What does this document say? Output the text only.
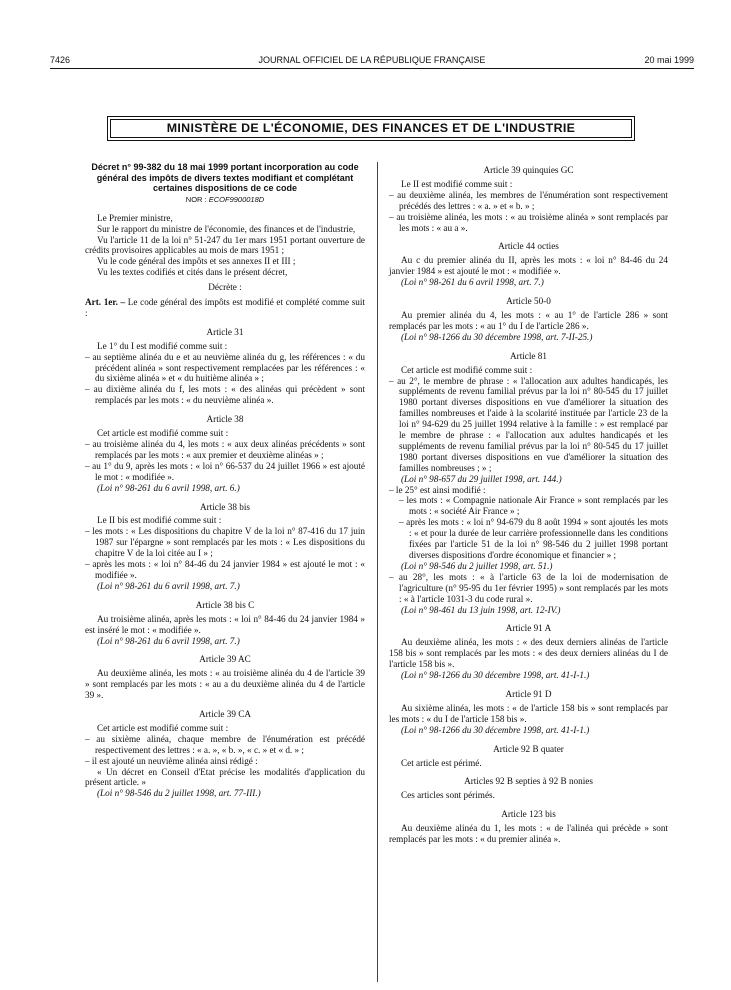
7426	JOURNAL OFFICIEL DE LA RÉPUBLIQUE FRANÇAISE	20 mai 1999
MINISTÈRE DE L'ÉCONOMIE, DES FINANCES ET DE L'INDUSTRIE
Décret n° 99-382 du 18 mai 1999 portant incorporation au code général des impôts de divers textes modifiant et complétant certaines dispositions de ce code
NOR : ECOF9900018D

Le Premier ministre,

Sur le rapport du ministre de l'économie, des finances et de l'industrie,

Vu l'article 11 de la loi n° 51-247 du 1er mars 1951 portant ouverture de crédits provisoires applicables au mois de mars 1951 ;

Vu le code général des impôts et ses annexes II et III ;

Vu les textes codifiés et cités dans le présent décret,

Décrète :

Art. 1er. – Le code général des impôts est modifié et complété comme suit :

Article 31

Le 1° du I est modifié comme suit :

– au septième alinéa du e et au neuvième alinéa du g, les références : « du précédent alinéa » sont respectivement remplacées par les références : « du sixième alinéa » et « du huitième alinéa » ;

– au dixième alinéa du f, les mots : « des alinéas qui précèdent » sont remplacés par les mots : « du neuvième alinéa ».

Article 38

Cet article est modifié comme suit :

– au troisième alinéa du 4, les mots : « aux deux alinéas précédents » sont remplacés par les mots : « aux premier et deuxième alinéas » ;

– au 1° du 9, après les mots : « loi n° 66-537 du 24 juillet 1966 » est ajouté le mot : « modifiée ».

(Loi n° 98-261 du 6 avril 1998, art. 6.)

Article 38 bis

Le II bis est modifié comme suit :

– les mots : « Les dispositions du chapitre V de la loi n° 87-416 du 17 juin 1987 sur l'épargne » sont remplacés par les mots : « Les dispositions du chapitre V de la loi citée au I » ;

– après les mots : « loi n° 84-46 du 24 janvier 1984 » est ajouté le mot : « modifiée ».

(Loi n° 98-261 du 6 avril 1998, art. 7.)

Article 38 bis C

Au troisième alinéa, après les mots : « loi n° 84-46 du 24 janvier 1984 » est inséré le mot : « modifiée ».

(Loi n° 98-261 du 6 avril 1998, art. 7.)

Article 39 AC

Au deuxième alinéa, les mots : « au troisième alinéa du 4 de l'article 39 » sont remplacés par les mots : « au a du deuxième alinéa du 4 de l'article 39 ».

Article 39 CA

Cet article est modifié comme suit :

– au sixième alinéa, chaque membre de l'énumération est précédé respectivement des lettres : « a. », « b. », « c. » et « d. » ;

– il est ajouté un neuvième alinéa ainsi rédigé :

« Un décret en Conseil d'Etat précise les modalités d'application du présent article. »

(Loi n° 98-546 du 2 juillet 1998, art. 77-III.)

Article 39 quinquies GC

Le II est modifié comme suit :

– au deuxième alinéa, les membres de l'énumération sont respectivement précédés des lettres : « a. » et « b. » ;

– au troisième alinéa, les mots : « au troisième alinéa » sont remplacés par les mots : « au a ».

Article 44 octies

Au c du premier alinéa du II, après les mots : « loi n° 84-46 du 24 janvier 1984 » est ajouté le mot : « modifiée ».

(Loi n° 98-261 du 6 avril 1998, art. 7.)

Article 50-0

Au premier alinéa du 4, les mots : « au 1° de l'article 286 » sont remplacés par les mots : « au 1° du I de l'article 286 ».

(Loi n° 98-1266 du 30 décembre 1998, art. 7-II-25.)

Article 81

Cet article est modifié comme suit :

– au 2°, le membre de phrase : « l'allocation aux adultes handicapés, les suppléments de revenu familial prévus par la loi n° 80-545 du 17 juillet 1980 portant diverses dispositions en vue d'améliorer la situation des familles nombreuses et l'aide à la scolarité instituée par l'article 23 de la loi n° 94-629 du 25 juillet 1994 relative à la famille : » est remplacé par le membre de phrase : « l'allocation aux adultes handicapés et les suppléments de revenu familial prévus par la loi n° 80-545 du 17 juillet 1980 portant diverses dispositions en vue d'améliorer la situation des familles nombreuses ; » ;

(Loi n° 98-657 du 29 juillet 1998, art. 144.)

– le 25° est ainsi modifié :

– les mots : « Compagnie nationale Air France » sont remplacés par les mots : « société Air France » ;

– après les mots : « loi n° 94-679 du 8 août 1994 » sont ajoutés les mots : « et pour la durée de leur carrière professionnelle dans les conditions fixées par l'article 51 de la loi n° 98-546 du 2 juillet 1998 portant diverses dispositions d'ordre économique et financier » ;

(Loi n° 98-546 du 2 juillet 1998, art. 51.)

– au 28°, les mots : « à l'article 63 de la loi de modernisation de l'agriculture (n° 95-95 du 1er février 1995) » sont remplacés par les mots : « à l'article 1031-3 du code rural ».

(Loi n° 98-461 du 13 juin 1998, art. 12-IV.)

Article 91 A

Au deuxième alinéa, les mots : « des deux derniers alinéas de l'article 158 bis » sont remplacés par les mots : « des deux derniers alinéas du I de l'article 158 bis ».

(Loi n° 98-1266 du 30 décembre 1998, art. 41-I-1.)

Article 91 D

Au sixième alinéa, les mots : « de l'article 158 bis » sont remplacés par les mots : « du I de l'article 158 bis ».

(Loi n° 98-1266 du 30 décembre 1998, art. 41-I-1.)

Article 92 B quater

Cet article est périmé.

Articles 92 B septies à 92 B nonies

Ces articles sont périmés.

Article 123 bis

Au deuxième alinéa du 1, les mots : « de l'alinéa qui précède » sont remplacés par les mots : « du premier alinéa ».
